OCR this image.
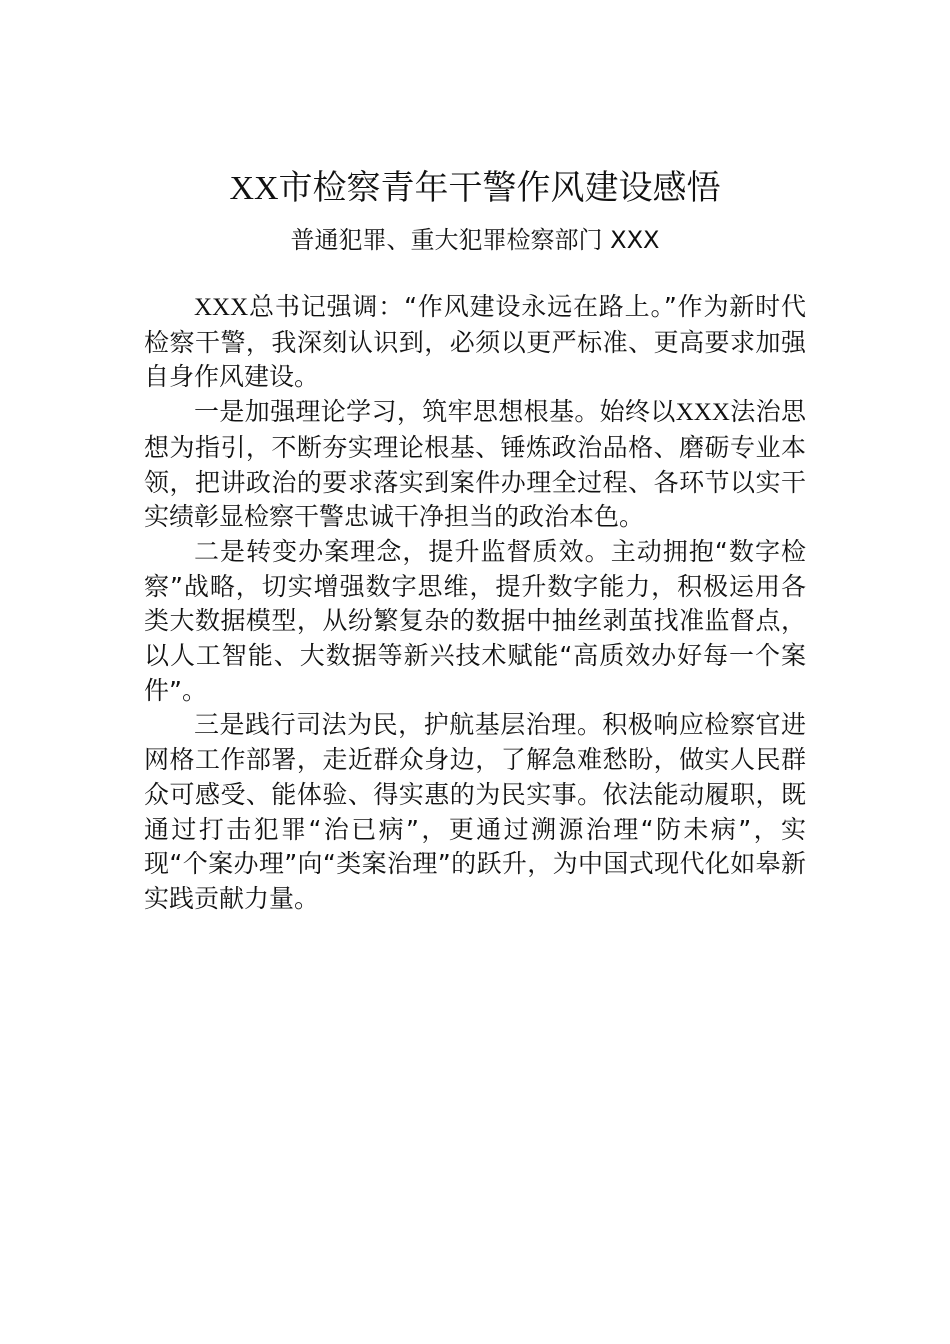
XX市检察青年干警作风建设感悟
普通犯罪、重大犯罪检察部门 XXX

XXX总书记强调：“作风建设永远在路上。”作为新时代检察干警，我深刻认识到，必须以更严标准、更高要求加强自身作风建设。

一是加强理论学习，筑牢思想根基。始终以XXX法治思想为指引，不断夯实理论根基、锤炼政治品格、磨砺专业本领，把讲政治的要求落实到案件办理全过程、各环节以实干实绩彰显检察干警忠诚干净担当的政治本色。

二是转变办案理念，提升监督质效。主动拥抱“数字检察”战略，切实增强数字思维，提升数字能力，积极运用各类大数据模型，从纷繁复杂的数据中抽丝剥茧找准监督点，以人工智能、大数据等新兴技术赋能“高质效办好每一个案件”。

三是践行司法为民，护航基层治理。积极响应检察官进网格工作部署，走近群众身边，了解急难愁盼，做实人民群众可感受、能体验、得实惠的为民实事。依法能动履职，既通过打击犯罪“治已病”，更通过溯源治理“防未病”，实现“个案办理”向“类案治理”的跃升，为中国式现代化如皋新实践贡献力量。
